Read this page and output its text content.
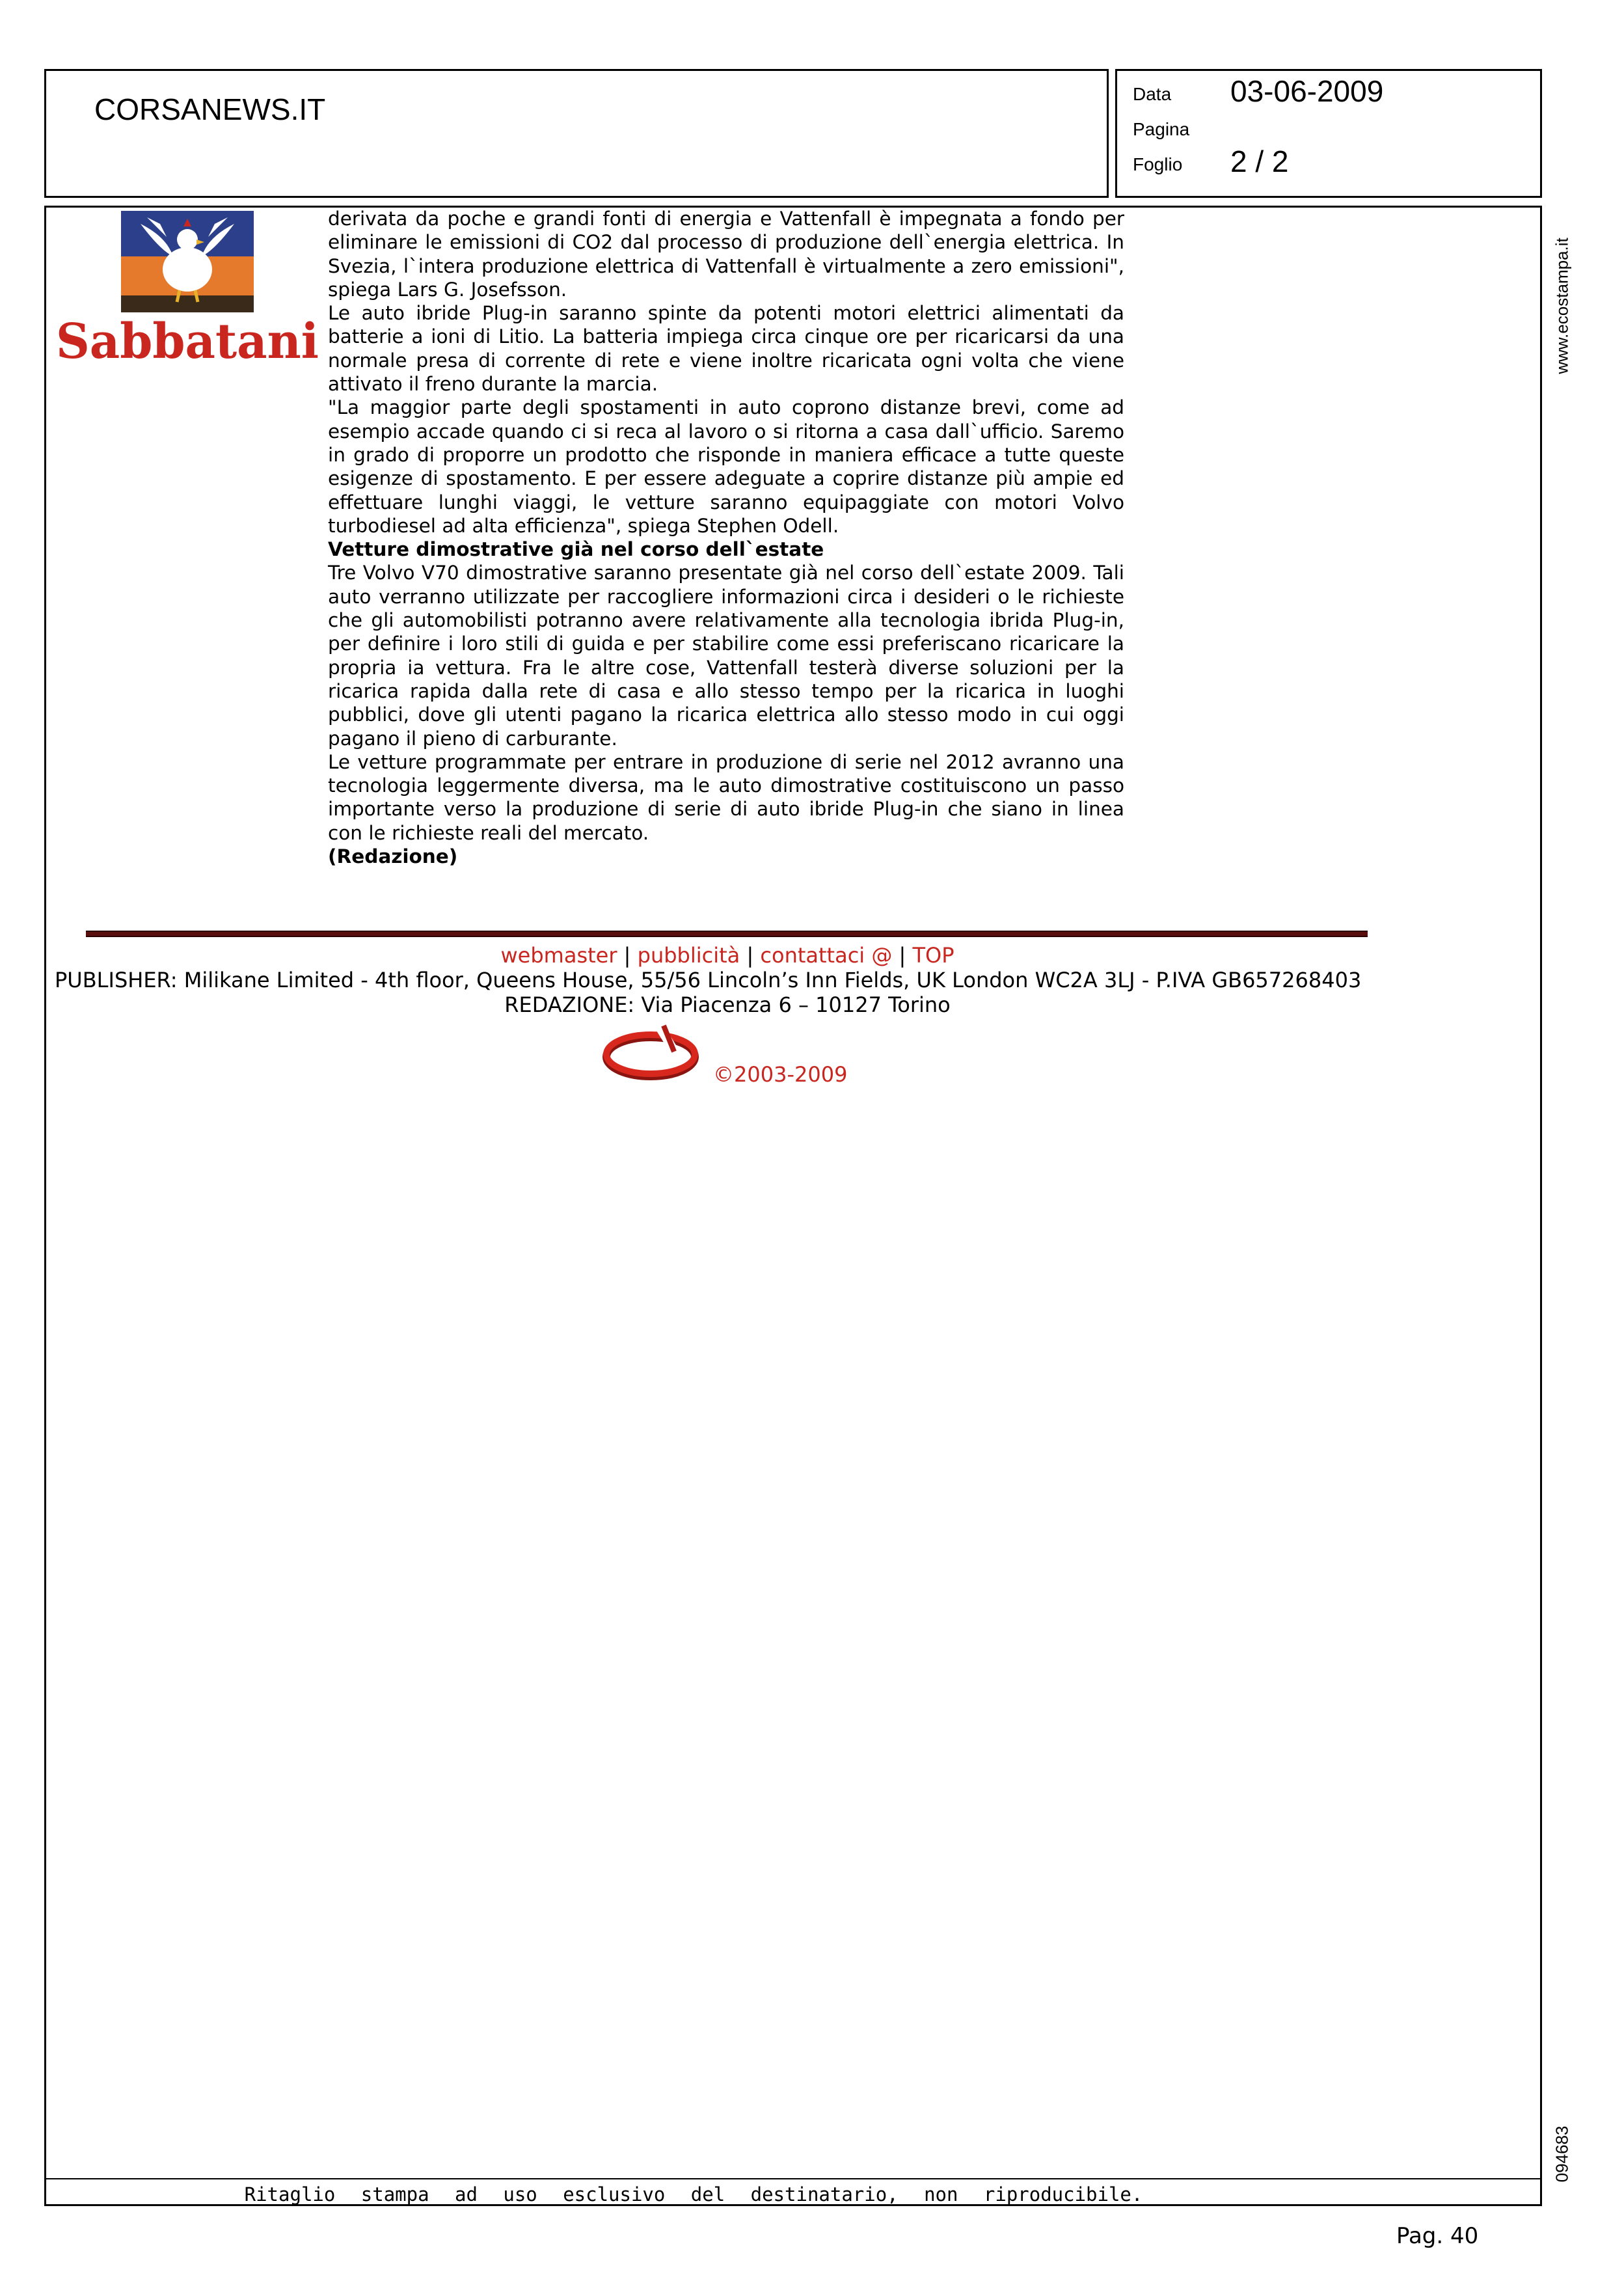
CORSANEWS.IT	Data 03-06-2009
Pagina
Foglio 2 / 2
www.ecostampa.it
094683
Ritaglio stampa ad uso esclusivo del destinatario, non riproducibile.
Sabbatani

derivata da poche e grandi fonti di energia e Vattenfall è impegnata a fondo per eliminare le emissioni di CO2 dal processo di produzione dell`energia elettrica. In Svezia, l`intera produzione elettrica di Vattenfall è virtualmente a zero emissioni", spiega Lars G. Josefsson.

Le auto ibride Plug-in saranno spinte da potenti motori elettrici alimentati da batterie a ioni di Litio. La batteria impiega circa cinque ore per ricaricarsi da una normale presa di corrente di rete e viene inoltre ricaricata ogni volta che viene attivato il freno durante la marcia.

"La maggior parte degli spostamenti in auto coprono distanze brevi, come ad esempio accade quando ci si reca al lavoro o si ritorna a casa dall`ufficio. Saremo in grado di proporre un prodotto che risponde in maniera efficace a tutte queste esigenze di spostamento. E per essere adeguate a coprire distanze più ampie ed effettuare lunghi viaggi, le vetture saranno equipaggiate con motori Volvo turbodiesel ad alta efficienza", spiega Stephen Odell.

Vetture dimostrative già nel corso dell`estate

Tre Volvo V70 dimostrative saranno presentate già nel corso dell`estate 2009. Tali auto verranno utilizzate per raccogliere informazioni circa i desideri o le richieste che gli automobilisti potranno avere relativamente alla tecnologia ibrida Plug-in, per definire i loro stili di guida e per stabilire come essi preferiscano ricaricare la propria ia vettura. Fra le altre cose, Vattenfall testerà diverse soluzioni per la ricarica rapida dalla rete di casa e allo stesso tempo per la ricarica in luoghi pubblici, dove gli utenti pagano la ricarica elettrica allo stesso modo in cui oggi pagano il pieno di carburante.

Le vetture programmate per entrare in produzione di serie nel 2012 avranno una tecnologia leggermente diversa, ma le auto dimostrative costituiscono un passo importante verso la produzione di serie di auto ibride Plug-in che siano in linea con le richieste reali del mercato.

(Redazione)

webmaster | pubblicità | contattaci @ | TOP
PUBLISHER: Milikane Limited - 4th floor, Queens House, 55/56 Lincoln’s Inn Fields, UK London WC2A 3LJ - P.IVA GB657268403
REDAZIONE: Via Piacenza 6 – 10127 Torino
©2003-2009
Pag. 40
